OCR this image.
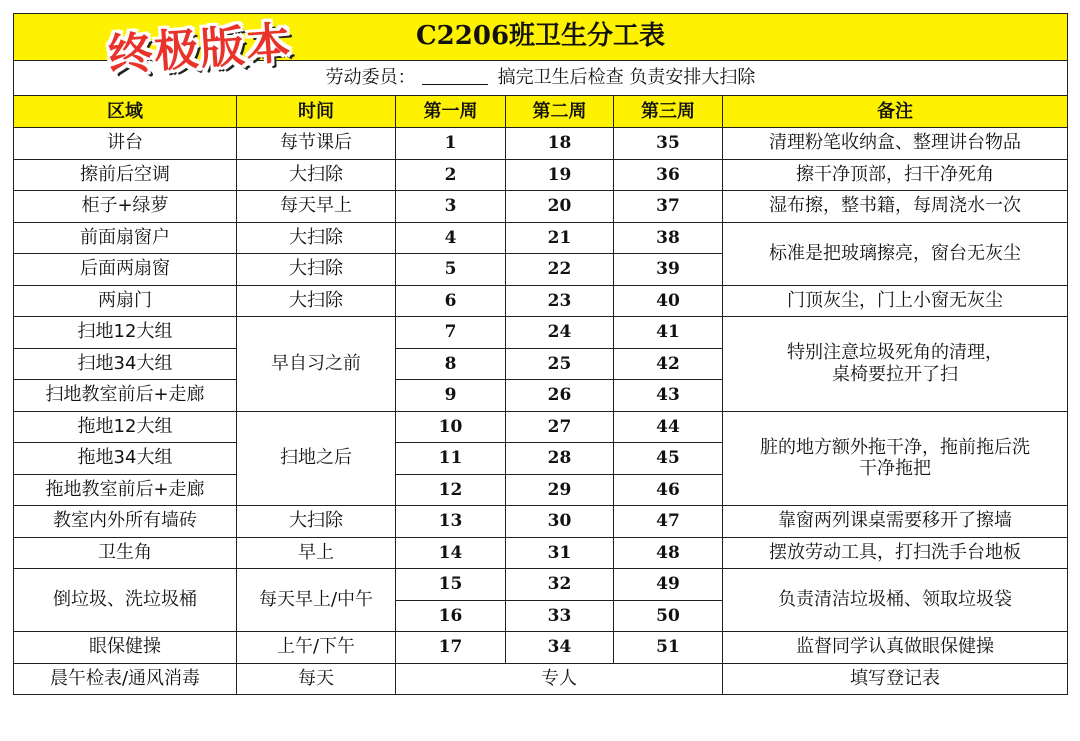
终极版本	C2206班卫生分工表					
劳动委员： 搞完卫生后检查 负责安排大扫除					
区域	时间	第一周	第二周	第三周	备注
讲台	每节课后	1	18	35	清理粉笔收纳盒、整理讲台物品
擦前后空调	大扫除	2	19	36	擦干净顶部，扫干净死角
柜子+绿萝	每天早上	3	20	37	湿布擦，整书籍，每周浇水一次
前面扇窗户	大扫除	4	21	38	标准是把玻璃擦亮，窗台无灰尘
后面两扇窗	大扫除	5	22	39	
两扇门	大扫除	6	23	40	门顶灰尘，门上小窗无灰尘
扫地12大组	早自习之前	7	24	41	特别注意垃圾死角的清理，
桌椅要拉开了扫

扫地34大组		8	25	42	
扫地教室前后+走廊		9	26	43	
拖地12大组	扫地之后	10	27	44	脏的地方额外拖干净，拖前拖后洗
干净拖把

拖地34大组		11	28	45	
拖地教室前后+走廊		12	29	46	
教室内外所有墙砖	大扫除	13	30	47	靠窗两列课桌需要移开了擦墙
卫生角	早上	14	31	48	摆放劳动工具，打扫洗手台地板
倒垃圾、洗垃圾桶	每天早上/中午	15	32	49	负责清洁垃圾桶、领取垃圾袋
		16	33	50	
眼保健操	上午/下午	17	34	51	监督同学认真做眼保健操
晨午检表/通风消毒	每天	专人			填写登记表
